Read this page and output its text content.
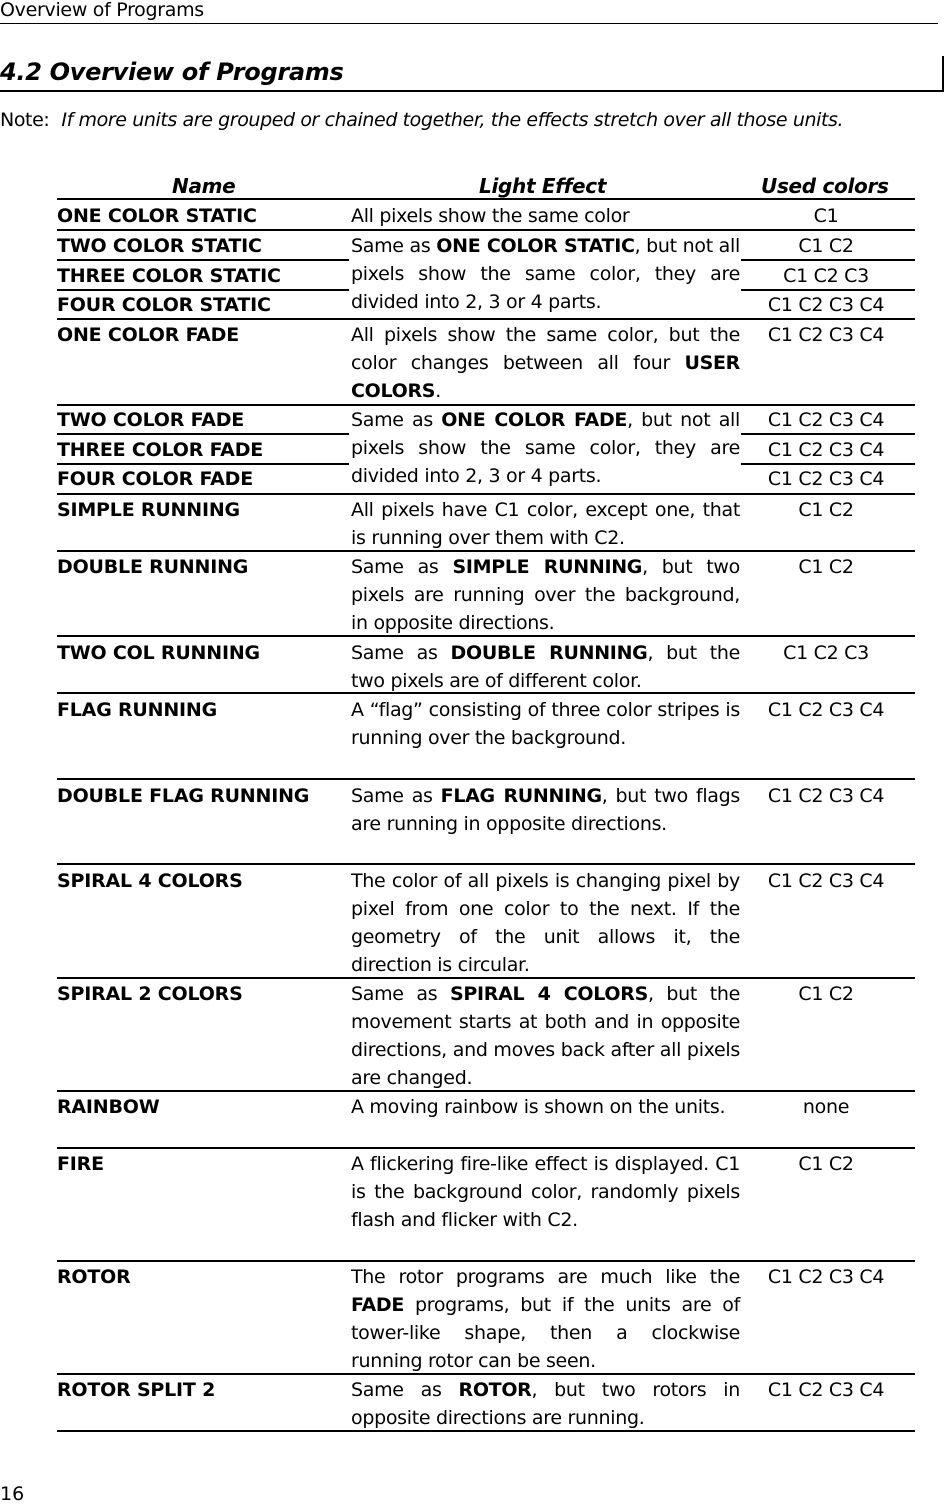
Overview of Programs
4.2 Overview of Programs
Note: If more units are grouped or chained together, the effects stretch over all those units.
Name	Light Effect	Used colors
ONE COLOR STATIC
TWO COLOR STATIC
THREE COLOR STATIC
FOUR COLOR STATIC
ONE COLOR FADE
TWO COLOR FADE
THREE COLOR FADE
FOUR COLOR FADE
SIMPLE RUNNING
DOUBLE RUNNING
TWO COL RUNNING
FLAG RUNNING
DOUBLE FLAG RUNNING
SPIRAL 4 COLORS
SPIRAL 2 COLORS
RAINBOW
FIRE
ROTOR
ROTOR SPLIT 2
All pixels show the same color
Same as ONE COLOR STATIC, but not all pixels show the same color, they are divided into 2, 3 or 4 parts.
All pixels show the same color, but the color changes between all four USER COLORS.
Same as ONE COLOR FADE, but not all pixels show the same color, they are divided into 2, 3 or 4 parts.
All pixels have C1 color, except one, that is running over them with C2.
Same as SIMPLE RUNNING, but two pixels are running over the background, in opposite directions.
Same as DOUBLE RUNNING, but the two pixels are of different color.
A “flag” consisting of three color stripes is running over the background.
Same as FLAG RUNNING, but two flags are running in opposite directions.
The color of all pixels is changing pixel by pixel from one color to the next. If the geometry of the unit allows it, the direction is circular.
Same as SPIRAL 4 COLORS, but the movement starts at both and in opposite directions, and moves back after all pixels are changed.
A moving rainbow is shown on the units.
A flickering fire-like effect is displayed. C1 is the background color, randomly pixels flash and flicker with C2.
The rotor programs are much like the FADE programs, but if the units are of tower-like shape, then a clockwise running rotor can be seen.
Same as ROTOR, but two rotors in opposite directions are running.
C1
C1 C2
C1 C2 C3
C1 C2 C3 C4
C1 C2 C3 C4
C1 C2 C3 C4
C1 C2 C3 C4
C1 C2 C3 C4
C1 C2
C1 C2
C1 C2 C3
C1 C2 C3 C4
C1 C2 C3 C4
C1 C2 C3 C4
C1 C2
none
C1 C2
C1 C2 C3 C4
C1 C2 C3 C4
16
